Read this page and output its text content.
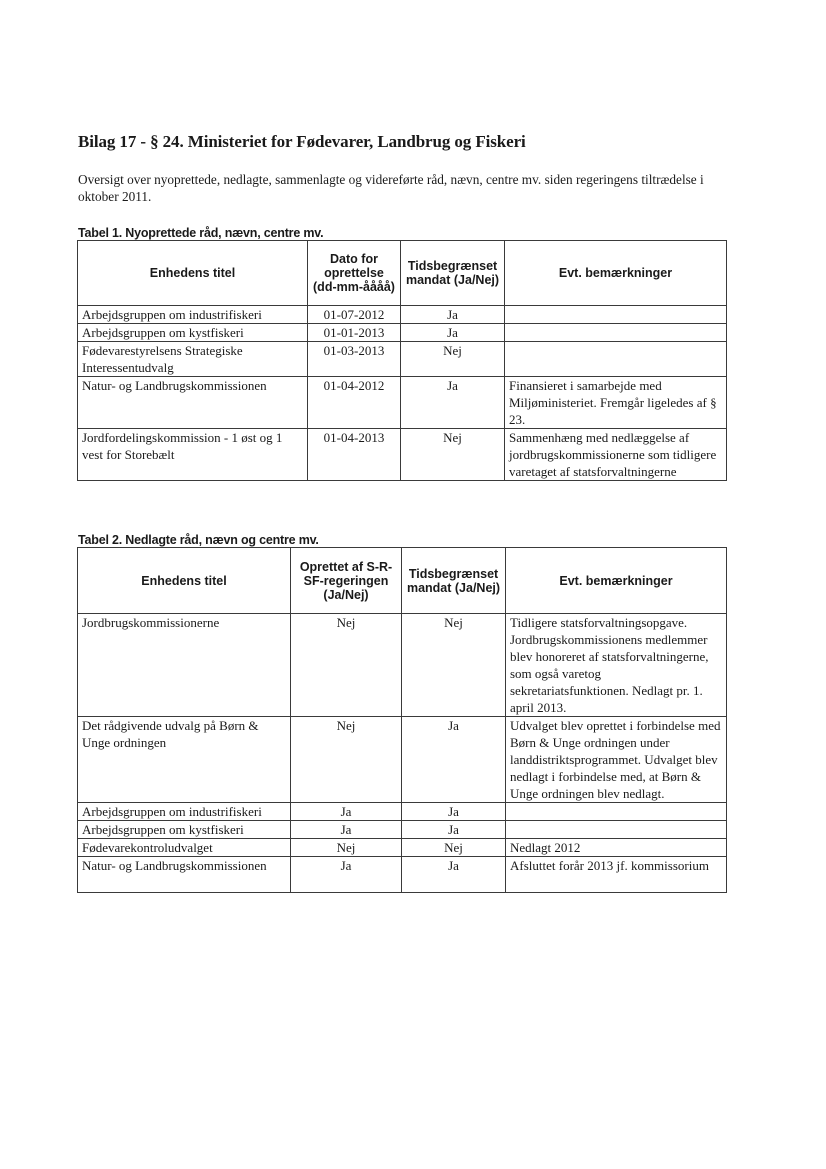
Bilag 17 - § 24. Ministeriet for Fødevarer, Landbrug og Fiskeri
Oversigt over nyoprettede, nedlagte, sammenlagte og videreførte råd, nævn, centre mv. siden regeringens tiltrædelse i oktober 2011.
Tabel 1. Nyoprettede råd, nævn, centre mv.
Enhedens titel	Dato for oprettelse (dd-mm-åååå)	Tidsbegrænset mandat (Ja/Nej)	Evt. bemærkninger
Arbejdsgruppen om industrifiskeri	01-07-2012	Ja	
Arbejdsgruppen om kystfiskeri	01-01-2013	Ja	
Fødevarestyrelsens Strategiske Interessentudvalg	01-03-2013	Nej	
Natur- og Landbrugskommissionen	01-04-2012	Ja	Finansieret i samarbejde med Miljøministeriet. Fremgår ligeledes af § 23.
Jordfordelingskommission - 1 øst og 1 vest for Storebælt	01-04-2013	Nej	Sammenhæng med nedlæggelse af jordbrugskommissionerne som tidligere varetaget af statsforvaltningerne
Tabel 2. Nedlagte råd, nævn og centre mv.
Enhedens titel	Oprettet af S-R-SF-regeringen (Ja/Nej)	Tidsbegrænset mandat (Ja/Nej)	Evt. bemærkninger
Jordbrugskommissionerne	Nej	Nej	Tidligere statsforvaltningsopgave. Jordbrugskommissionens medlemmer blev honoreret af statsforvaltningerne, som også varetog sekretariatsfunktionen. Nedlagt pr. 1. april 2013.
Det rådgivende udvalg på Børn & Unge ordningen	Nej	Ja	Udvalget blev oprettet i forbindelse med Børn & Unge ordningen under landdistriktsprogrammet. Udvalget blev nedlagt i forbindelse med, at Børn & Unge ordningen blev nedlagt.
Arbejdsgruppen om industrifiskeri	Ja	Ja	
Arbejdsgruppen om kystfiskeri	Ja	Ja	
Fødevarekontroludvalget	Nej	Nej	Nedlagt 2012
Natur- og Landbrugskommissionen	Ja	Ja	Afsluttet forår 2013 jf. kommissorium
